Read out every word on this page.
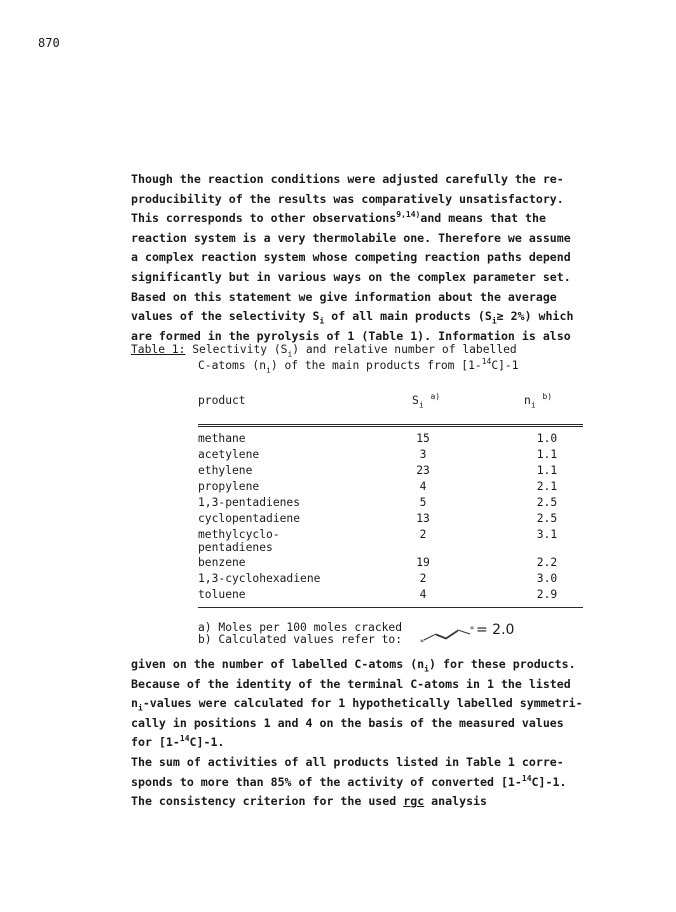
870
Though the reaction conditions were adjusted carefully the re-
producibility of the results was comparatively unsatisfactory.
This corresponds to other observations$^{9,14)}$and means that the
reaction system is a very thermolabile one. Therefore we assume
a complex reaction system whose competing reaction paths depend
significantly but in various ways on the complex parameter set.
Based on this statement we give information about the average
values of the selectivity $S_i$ of all main products $(S_i\ge 2\%)$ which
are formed in the pyrolysis of 1 (Table 1). Information is also
Table 1: Selectivity $(S_i)$ and relative number of labelled
C-atoms $(n_i)$ of the main products from [1-$^{14}$C]-1
product	$S_i$ $^{a)}$	$n_i$ $^{b)}$
methane	15	1.0
acetylene	3	1.1
ethylene	23	1.1
propylene	4	2.1
1,3-pentadienes	5	2.5
cyclopentadiene	13	2.5
methylcyclo-
pentadienes
2	3.1
benzene	19	2.2
1,3-cyclohexadiene	2	3.0
toluene	4	2.9
a) Moles per 100 moles cracked
b) Calculated values refer to:
*
*
= 2.0
given on the number of labelled C-atoms $(n_i)$ for these products.
Because of the identity of the terminal C-atoms in 1 the listed
$n_i$-values were calculated for 1 hypothetically labelled symmetri-
cally in positions 1 and 4 on the basis of the measured values
for [1-$^{14}$C]-1.
The sum of activities of all products listed in Table 1 corre-
sponds to more than 85% of the activity of converted [1-$^{14}$C]-1.
The consistency criterion for the used rgc analysis
